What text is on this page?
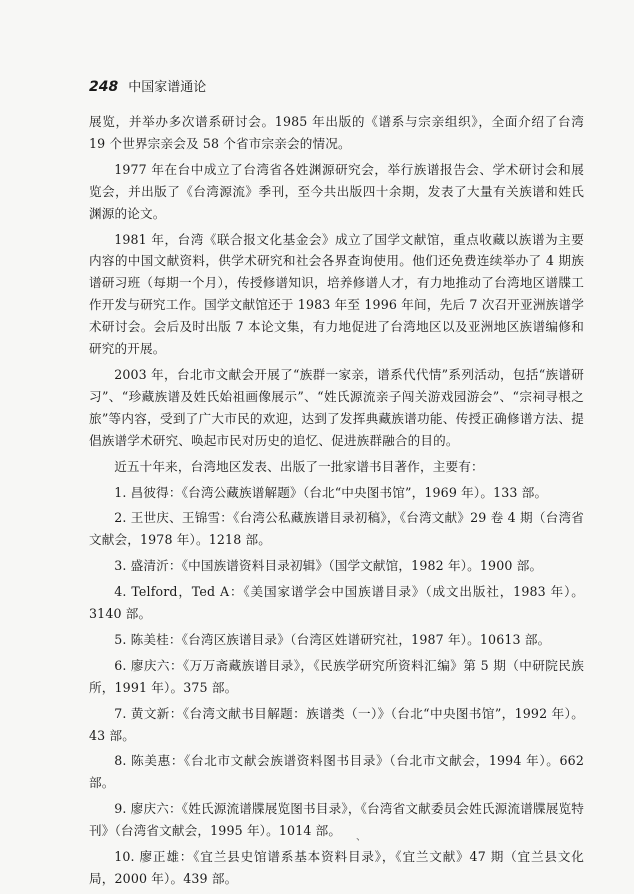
248 中国家谱通论

展览，并举办多次谱系研讨会。1985 年出版的《谱系与宗亲组织》，全面介绍了台湾 19 个世界宗亲会及 58 个省市宗亲会的情况。

1977 年在台中成立了台湾省各姓渊源研究会，举行族谱报告会、学术研讨会和展览会，并出版了《台湾源流》季刊，至今共出版四十余期，发表了大量有关族谱和姓氏渊源的论文。

1981 年，台湾《联合报文化基金会》成立了国学文献馆，重点收藏以族谱为主要内容的中国文献资料，供学术研究和社会各界查询使用。他们还免费连续举办了 4 期族谱研习班（每期一个月），传授修谱知识，培养修谱人才，有力地推动了台湾地区谱牒工作开发与研究工作。国学文献馆还于 1983 年至 1996 年间，先后 7 次召开亚洲族谱学术研讨会。会后及时出版 7 本论文集，有力地促进了台湾地区以及亚洲地区族谱编修和研究的开展。

2003 年，台北市文献会开展了“族群一家亲，谱系代代情”系列活动，包括“族谱研习”、“珍藏族谱及姓氏始祖画像展示”、“姓氏源流亲子闯关游戏园游会”、“宗祠寻根之旅”等内容，受到了广大市民的欢迎，达到了发挥典藏族谱功能、传授正确修谱方法、提倡族谱学术研究、唤起市民对历史的追忆、促进族群融合的目的。

近五十年来，台湾地区发表、出版了一批家谱书目著作，主要有：

1. 昌彼得：《台湾公藏族谱解题》（台北“中央图书馆”，1969 年）。133 部。

2. 王世庆、王锦雪：《台湾公私藏族谱目录初稿》，《台湾文献》29 卷 4 期（台湾省文献会，1978 年）。1218 部。

3. 盛清沂：《中国族谱资料目录初辑》（国学文献馆，1982 年）。1900 部。

4. Telford，Ted A：《美国家谱学会中国族谱目录》（成文出版社，1983 年）。3140 部。

5. 陈美桂：《台湾区族谱目录》（台湾区姓谱研究社，1987 年）。10613 部。

6. 廖庆六：《万万斋藏族谱目录》，《民族学研究所资料汇编》第 5 期（中研院民族所，1991 年）。375 部。

7. 黄文新：《台湾文献书目解题：族谱类（一）》（台北“中央图书馆”，1992 年）。43 部。

8. 陈美惠：《台北市文献会族谱资料图书目录》（台北市文献会，1994 年）。662 部。

9. 廖庆六：《姓氏源流谱牒展览图书目录》，《台湾省文献委员会姓氏源流谱牒展览特刊》（台湾省文献会，1995 年）。1014 部。

10. 廖正雄：《宜兰县史馆谱系基本资料目录》，《宜兰文献》47 期（宜兰县文化局，2000 年）。439 部。

、
